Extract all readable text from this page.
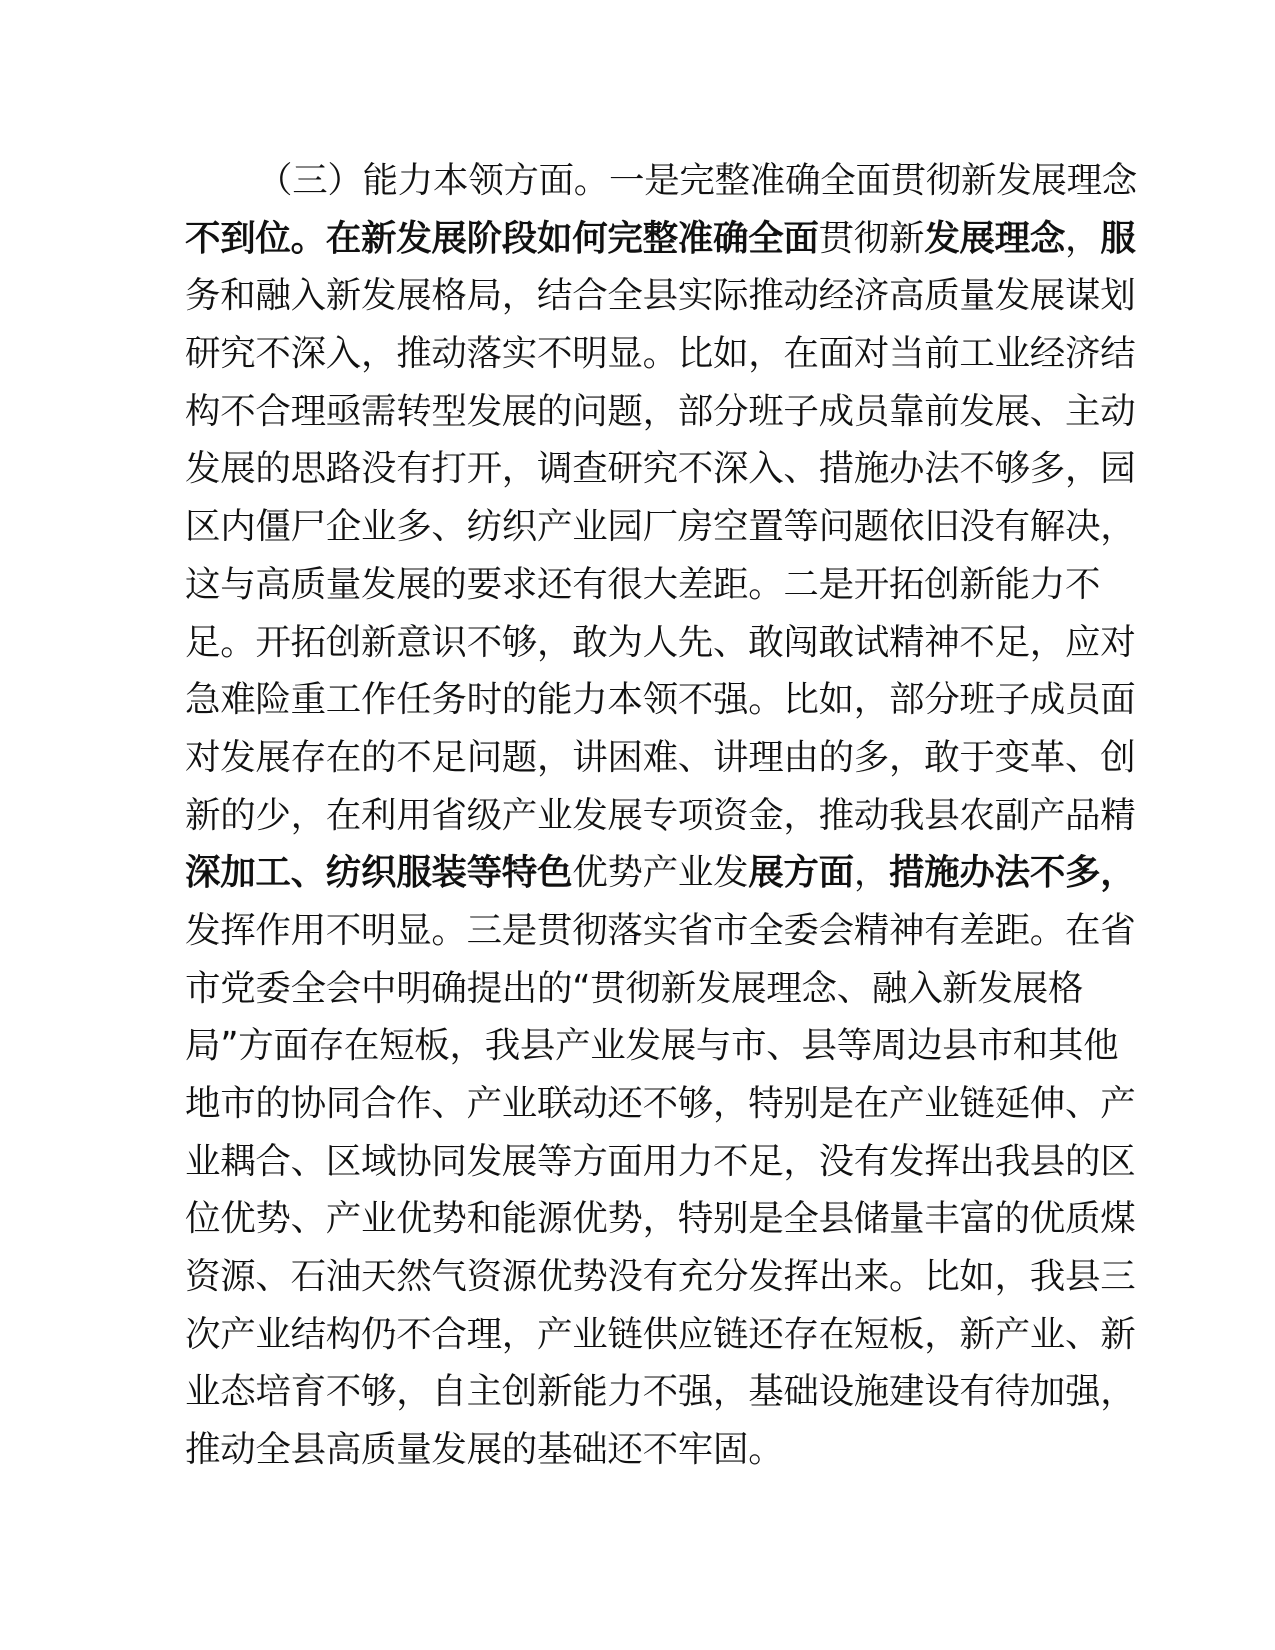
（三）能力本领方面。一是完整准确全面贯彻新发展理念
不到位。在新发展阶段如何完整准确全面贯彻新发展理念，服
务和融入新发展格局，结合全县实际推动经济高质量发展谋划
研究不深入，推动落实不明显。比如，在面对当前工业经济结
构不合理亟需转型发展的问题，部分班子成员靠前发展、主动
发展的思路没有打开，调查研究不深入、措施办法不够多，园
区内僵尸企业多、纺织产业园厂房空置等问题依旧没有解决，
这与高质量发展的要求还有很大差距。二是开拓创新能力不
足。开拓创新意识不够，敢为人先、敢闯敢试精神不足，应对
急难险重工作任务时的能力本领不强。比如，部分班子成员面
对发展存在的不足问题，讲困难、讲理由的多，敢于变革、创
新的少，在利用省级产业发展专项资金，推动我县农副产品精
深加工、纺织服装等特色优势产业发展方面，措施办法不多，
发挥作用不明显。三是贯彻落实省市全委会精神有差距。在省
市党委全会中明确提出的“贯彻新发展理念、融入新发展格
局”方面存在短板，我县产业发展与市、县等周边县市和其他
地市的协同合作、产业联动还不够，特别是在产业链延伸、产
业耦合、区域协同发展等方面用力不足，没有发挥出我县的区
位优势、产业优势和能源优势，特别是全县储量丰富的优质煤
资源、石油天然气资源优势没有充分发挥出来。比如，我县三
次产业结构仍不合理，产业链供应链还存在短板，新产业、新
业态培育不够，自主创新能力不强，基础设施建设有待加强，
推动全县高质量发展的基础还不牢固。
